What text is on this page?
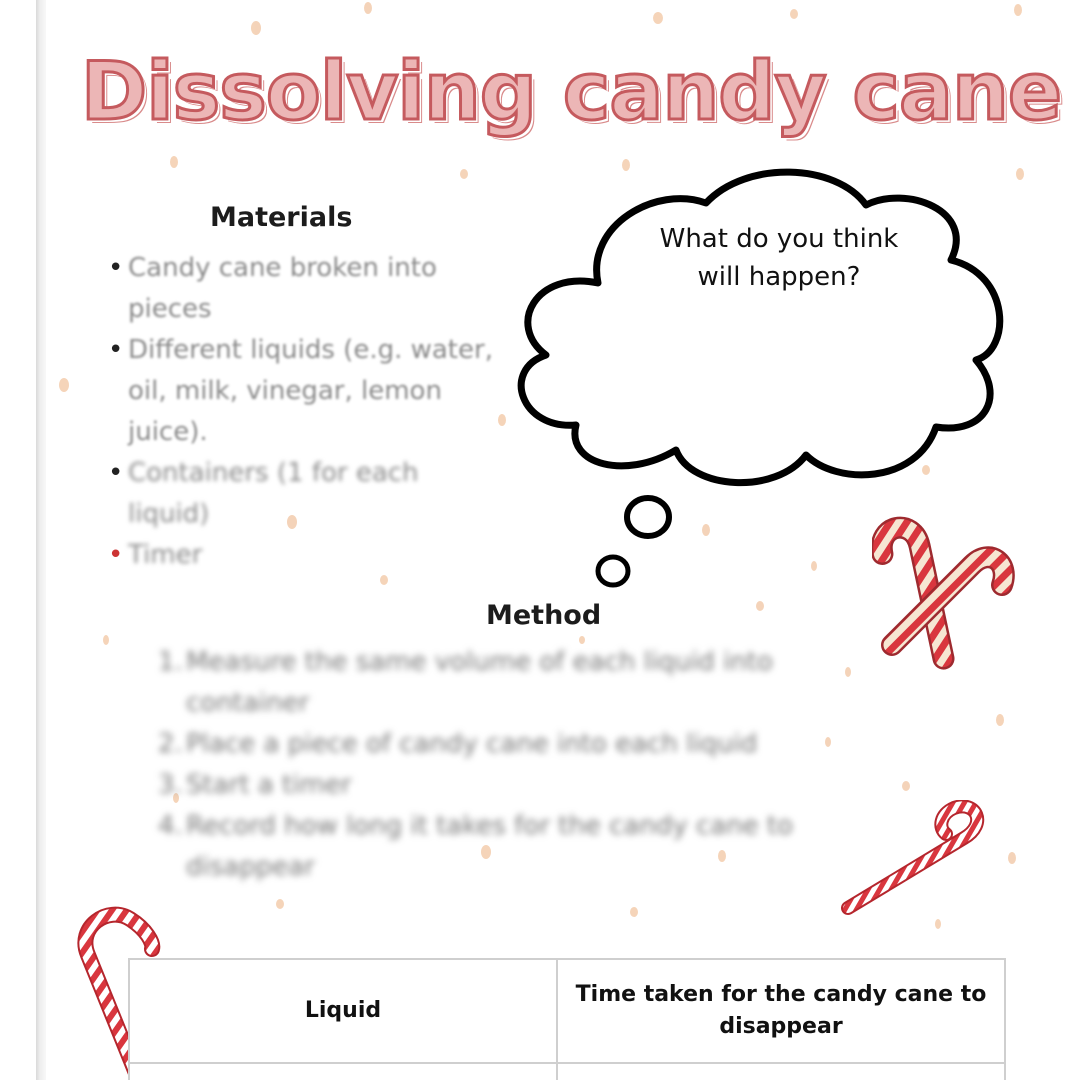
Dissolving candy cane
Materials
• Candy cane broken into pieces
• Different liquids (e.g. water, oil, milk, vinegar, lemon juice).
• Containers (1 for each liquid)
• Timer
What do you think
will happen?
Method
1. Measure the same volume of each liquid into container
2. Place a piece of candy cane into each liquid
3. Start a timer
4. Record how long it takes for the candy cane to disappear
Liquid
Time taken for the candy cane to disappear
